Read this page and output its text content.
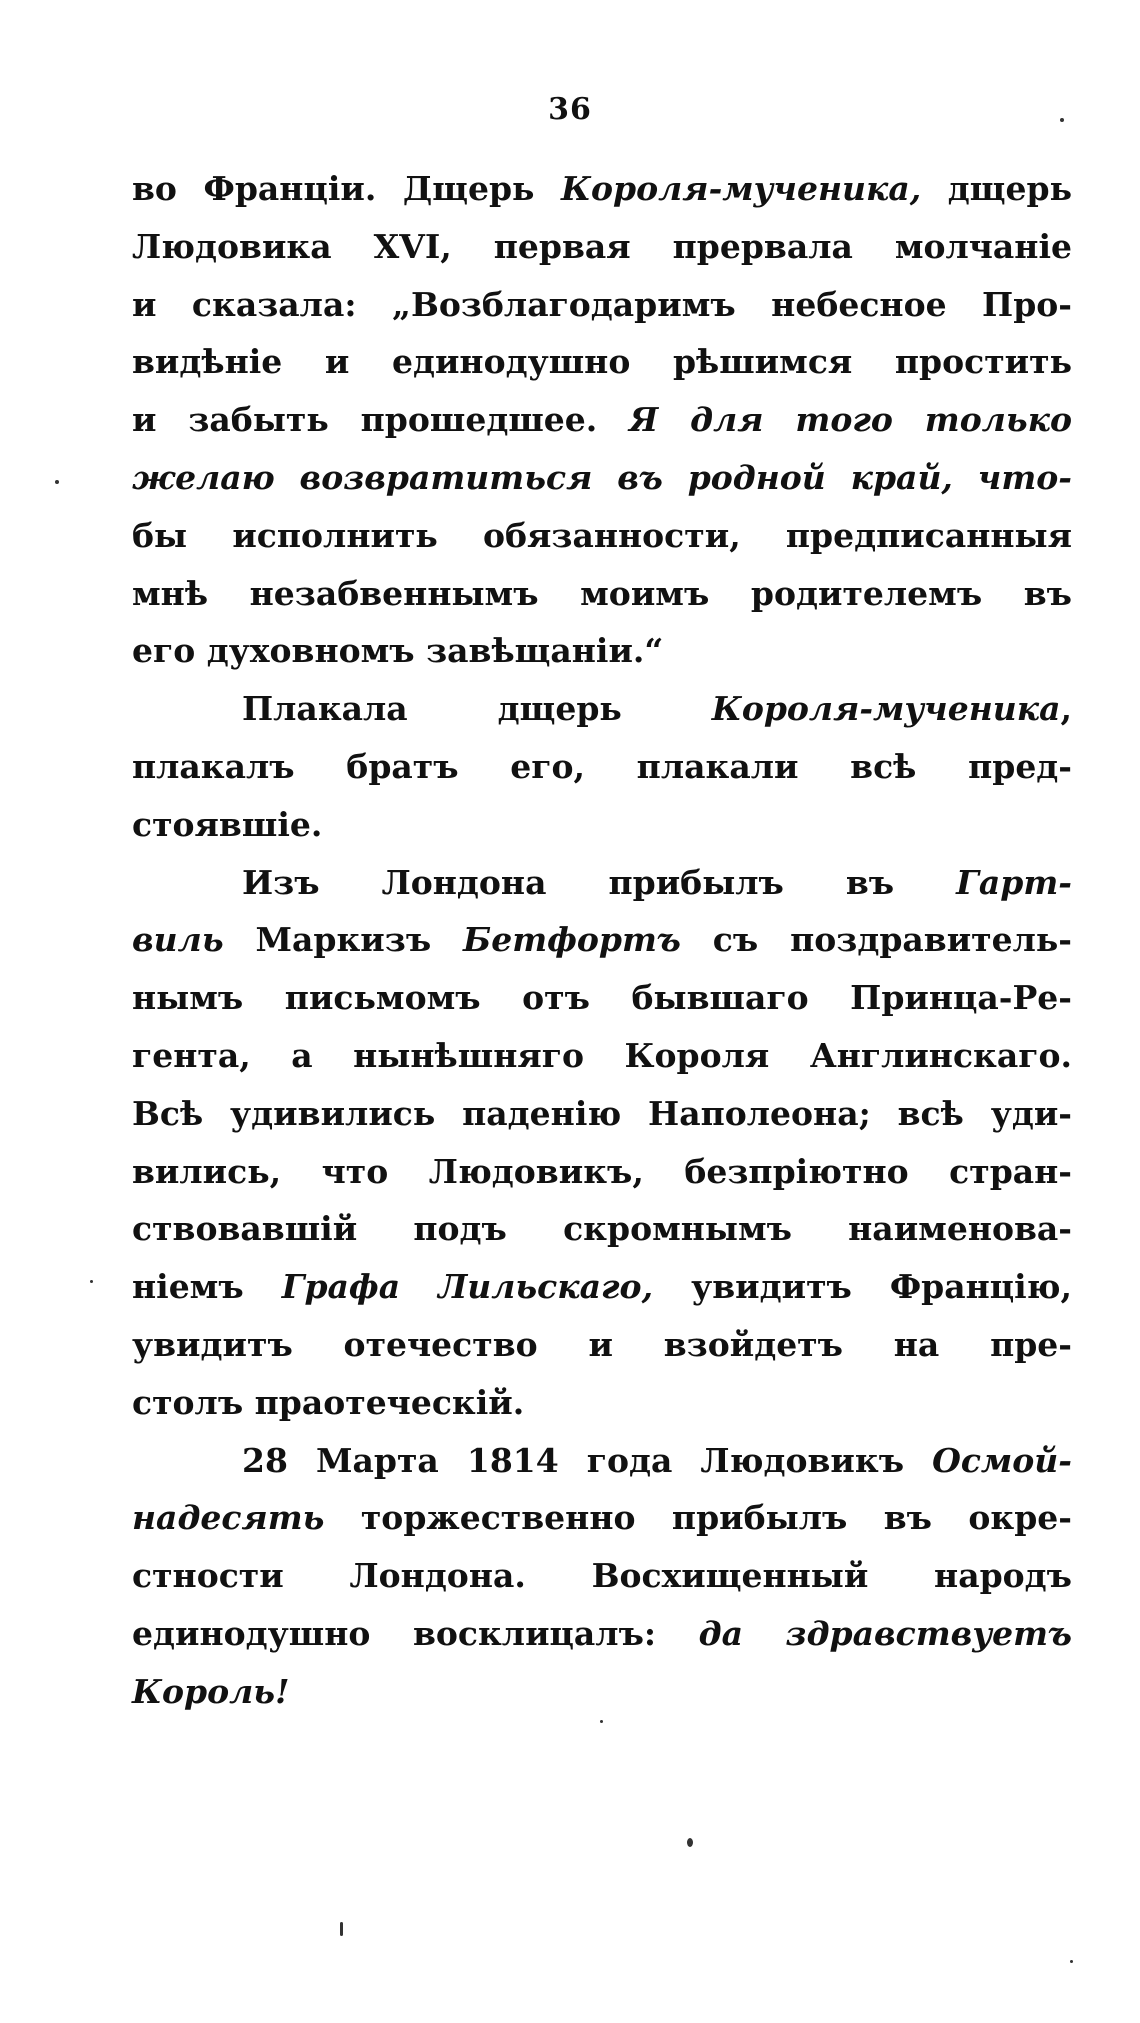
36
во Франціи. Дщерь Короля-мученика, дщерь
Людовика XVI, первая прервала молчаніе
и сказала: „Возблагодаримъ небесное Про-
видѣніе и единодушно рѣшимся простить
и забыть прошедшее. Я для того только
желаю возвратиться въ родной край, что-
бы исполнить обязанности, предписанныя
мнѣ незабвеннымъ моимъ родителемъ въ
его духовномъ завѣщаніи.“
Плакала дщерь Короля-мученика,
плакалъ братъ его, плакали всѣ пред-
стоявшіе.
Изъ Лондона прибылъ въ Гарт-
виль Маркизъ Бетфортъ съ поздравитель-
нымъ письмомъ отъ бывшаго Принца-Ре-
гента, а нынѣшняго Короля Англинскаго.
Всѣ удивились паденію Наполеона; всѣ уди-
вились, что Людовикъ, безпріютно стран-
ствовавшій подъ скромнымъ наименова-
ніемъ Графа Лильскаго, увидитъ Францію,
увидитъ отечество и взойдетъ на пре-
столъ праотеческій.
28 Марта 1814 года Людовикъ Осмой-
надесять торжественно прибылъ въ окре-
стности Лондона. Восхищенный народъ
единодушно восклицалъ: да здравствуетъ
Король!
